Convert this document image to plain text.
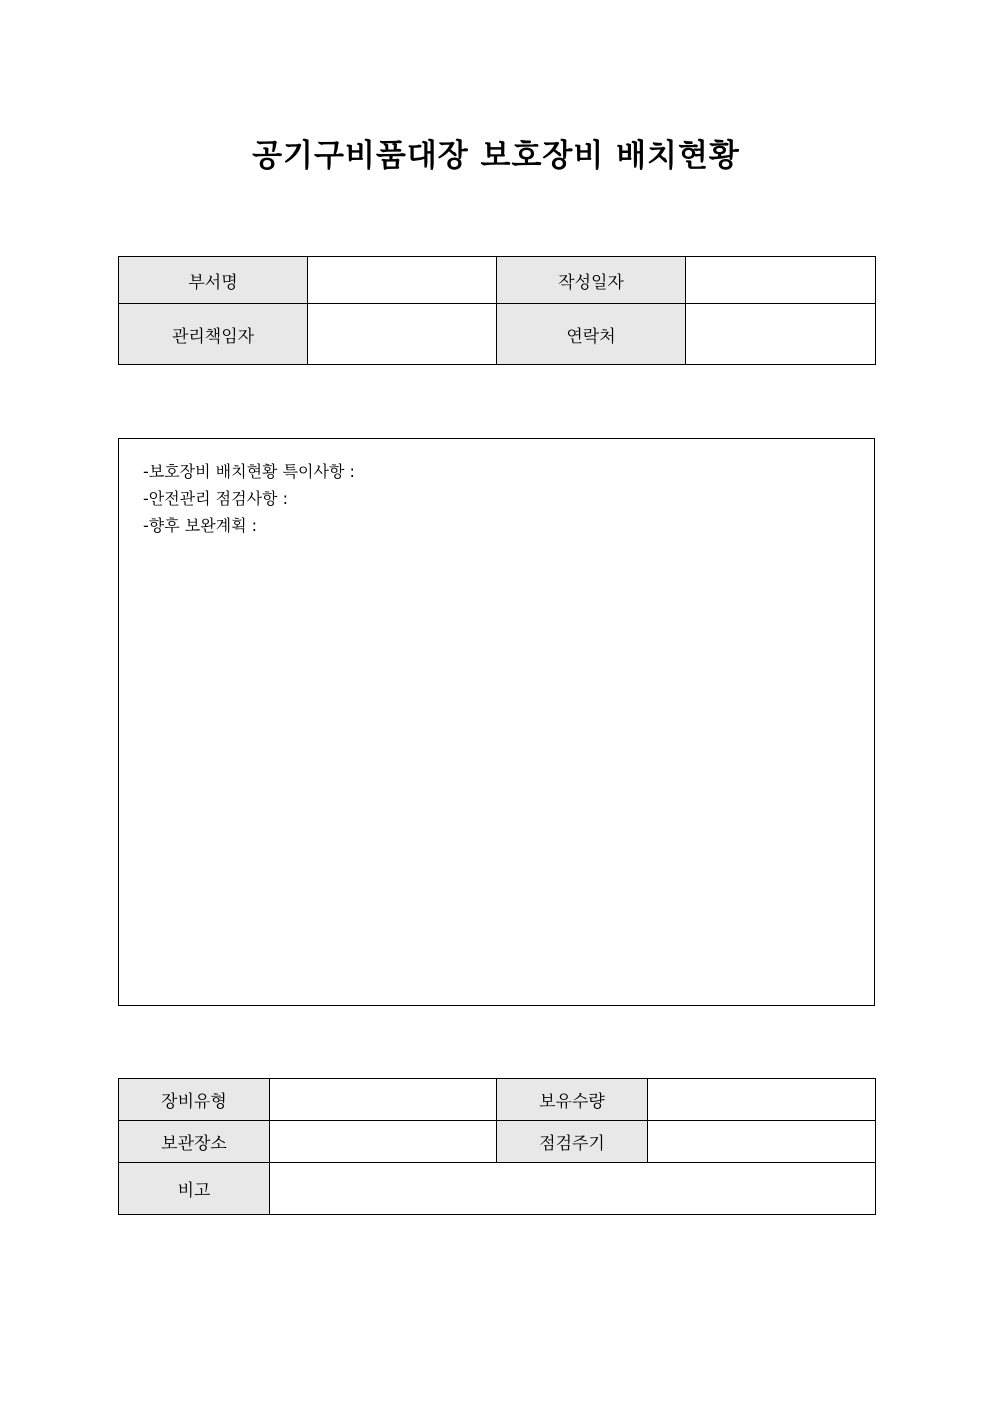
공기구비품대장 보호장비 배치현황
부서명		작성일자	
관리책임자		연락처	
-보호장비 배치현황 특이사항 :
-안전관리 점검사항 :
-향후 보완계획 :
장비유형		보유수량	
보관장소		점검주기	
비고			
